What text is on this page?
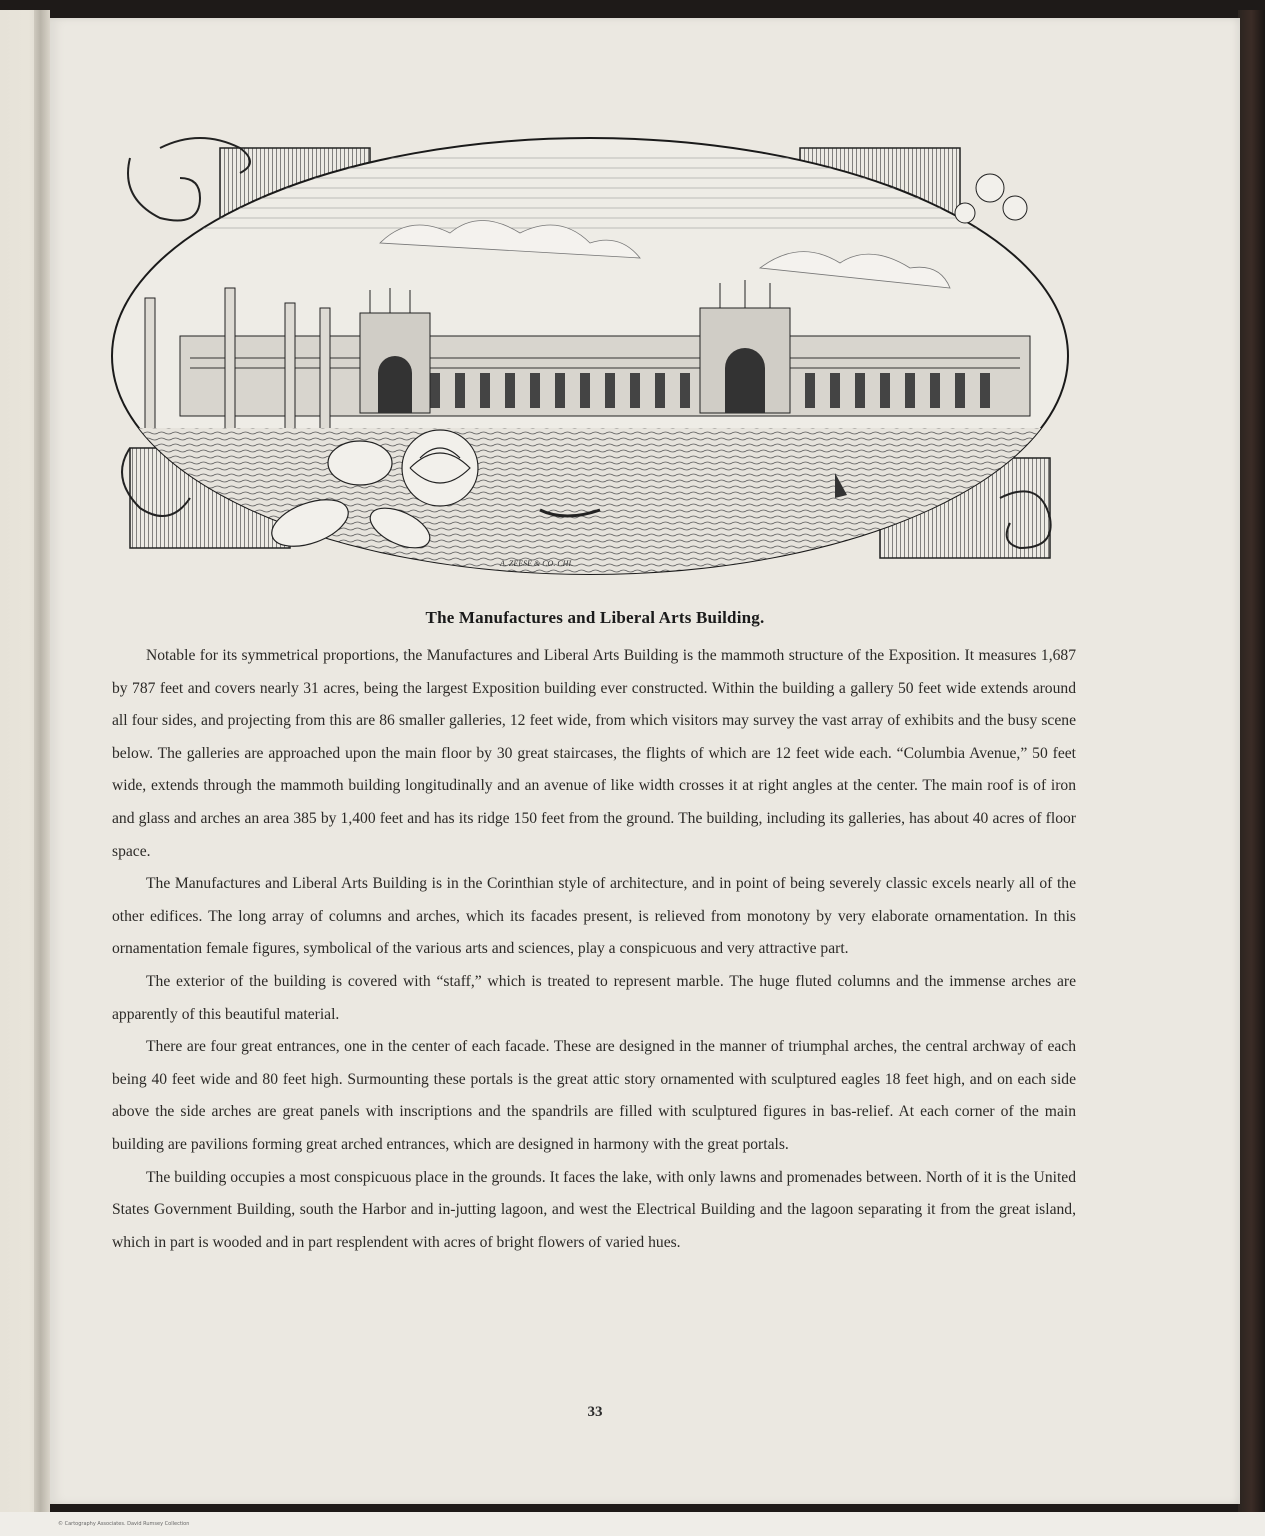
A. ZEESE & CO. CHI.
The Manufactures and Liberal Arts Building.

Notable for its symmetrical proportions, the Manufactures and Liberal Arts Building is the mammoth structure of the Exposition. It measures 1,687 by 787 feet and covers nearly 31 acres, being the largest Exposition building ever constructed. Within the building a gallery 50 feet wide extends around all four sides, and projecting from this are 86 smaller galleries, 12 feet wide, from which visitors may survey the vast array of exhibits and the busy scene below. The galleries are approached upon the main floor by 30 great staircases, the flights of which are 12 feet wide each. “Columbia Avenue,” 50 feet wide, extends through the mammoth building longitudinally and an avenue of like width crosses it at right angles at the center. The main roof is of iron and glass and arches an area 385 by 1,400 feet and has its ridge 150 feet from the ground. The building, including its galleries, has about 40 acres of floor space.

The Manufactures and Liberal Arts Building is in the Corinthian style of architecture, and in point of being severely classic excels nearly all of the other edifices. The long array of columns and arches, which its facades present, is relieved from monotony by very elaborate ornamentation. In this ornamentation female figures, symbolical of the various arts and sciences, play a conspicuous and very attractive part.

The exterior of the building is covered with “staff,” which is treated to represent marble. The huge fluted columns and the immense arches are apparently of this beautiful material.

There are four great entrances, one in the center of each facade. These are designed in the manner of triumphal arches, the central archway of each being 40 feet wide and 80 feet high. Surmounting these portals is the great attic story ornamented with sculptured eagles 18 feet high, and on each side above the side arches are great panels with inscriptions and the spandrils are filled with sculptured figures in bas-relief. At each corner of the main building are pavilions forming great arched entrances, which are designed in harmony with the great portals.

The building occupies a most conspicuous place in the grounds. It faces the lake, with only lawns and promenades between. North of it is the United States Government Building, south the Harbor and in-jutting lagoon, and west the Electrical Building and the lagoon separating it from the great island, which in part is wooded and in part resplendent with acres of bright flowers of varied hues.

33
© Cartography Associates. David Rumsey Collection
